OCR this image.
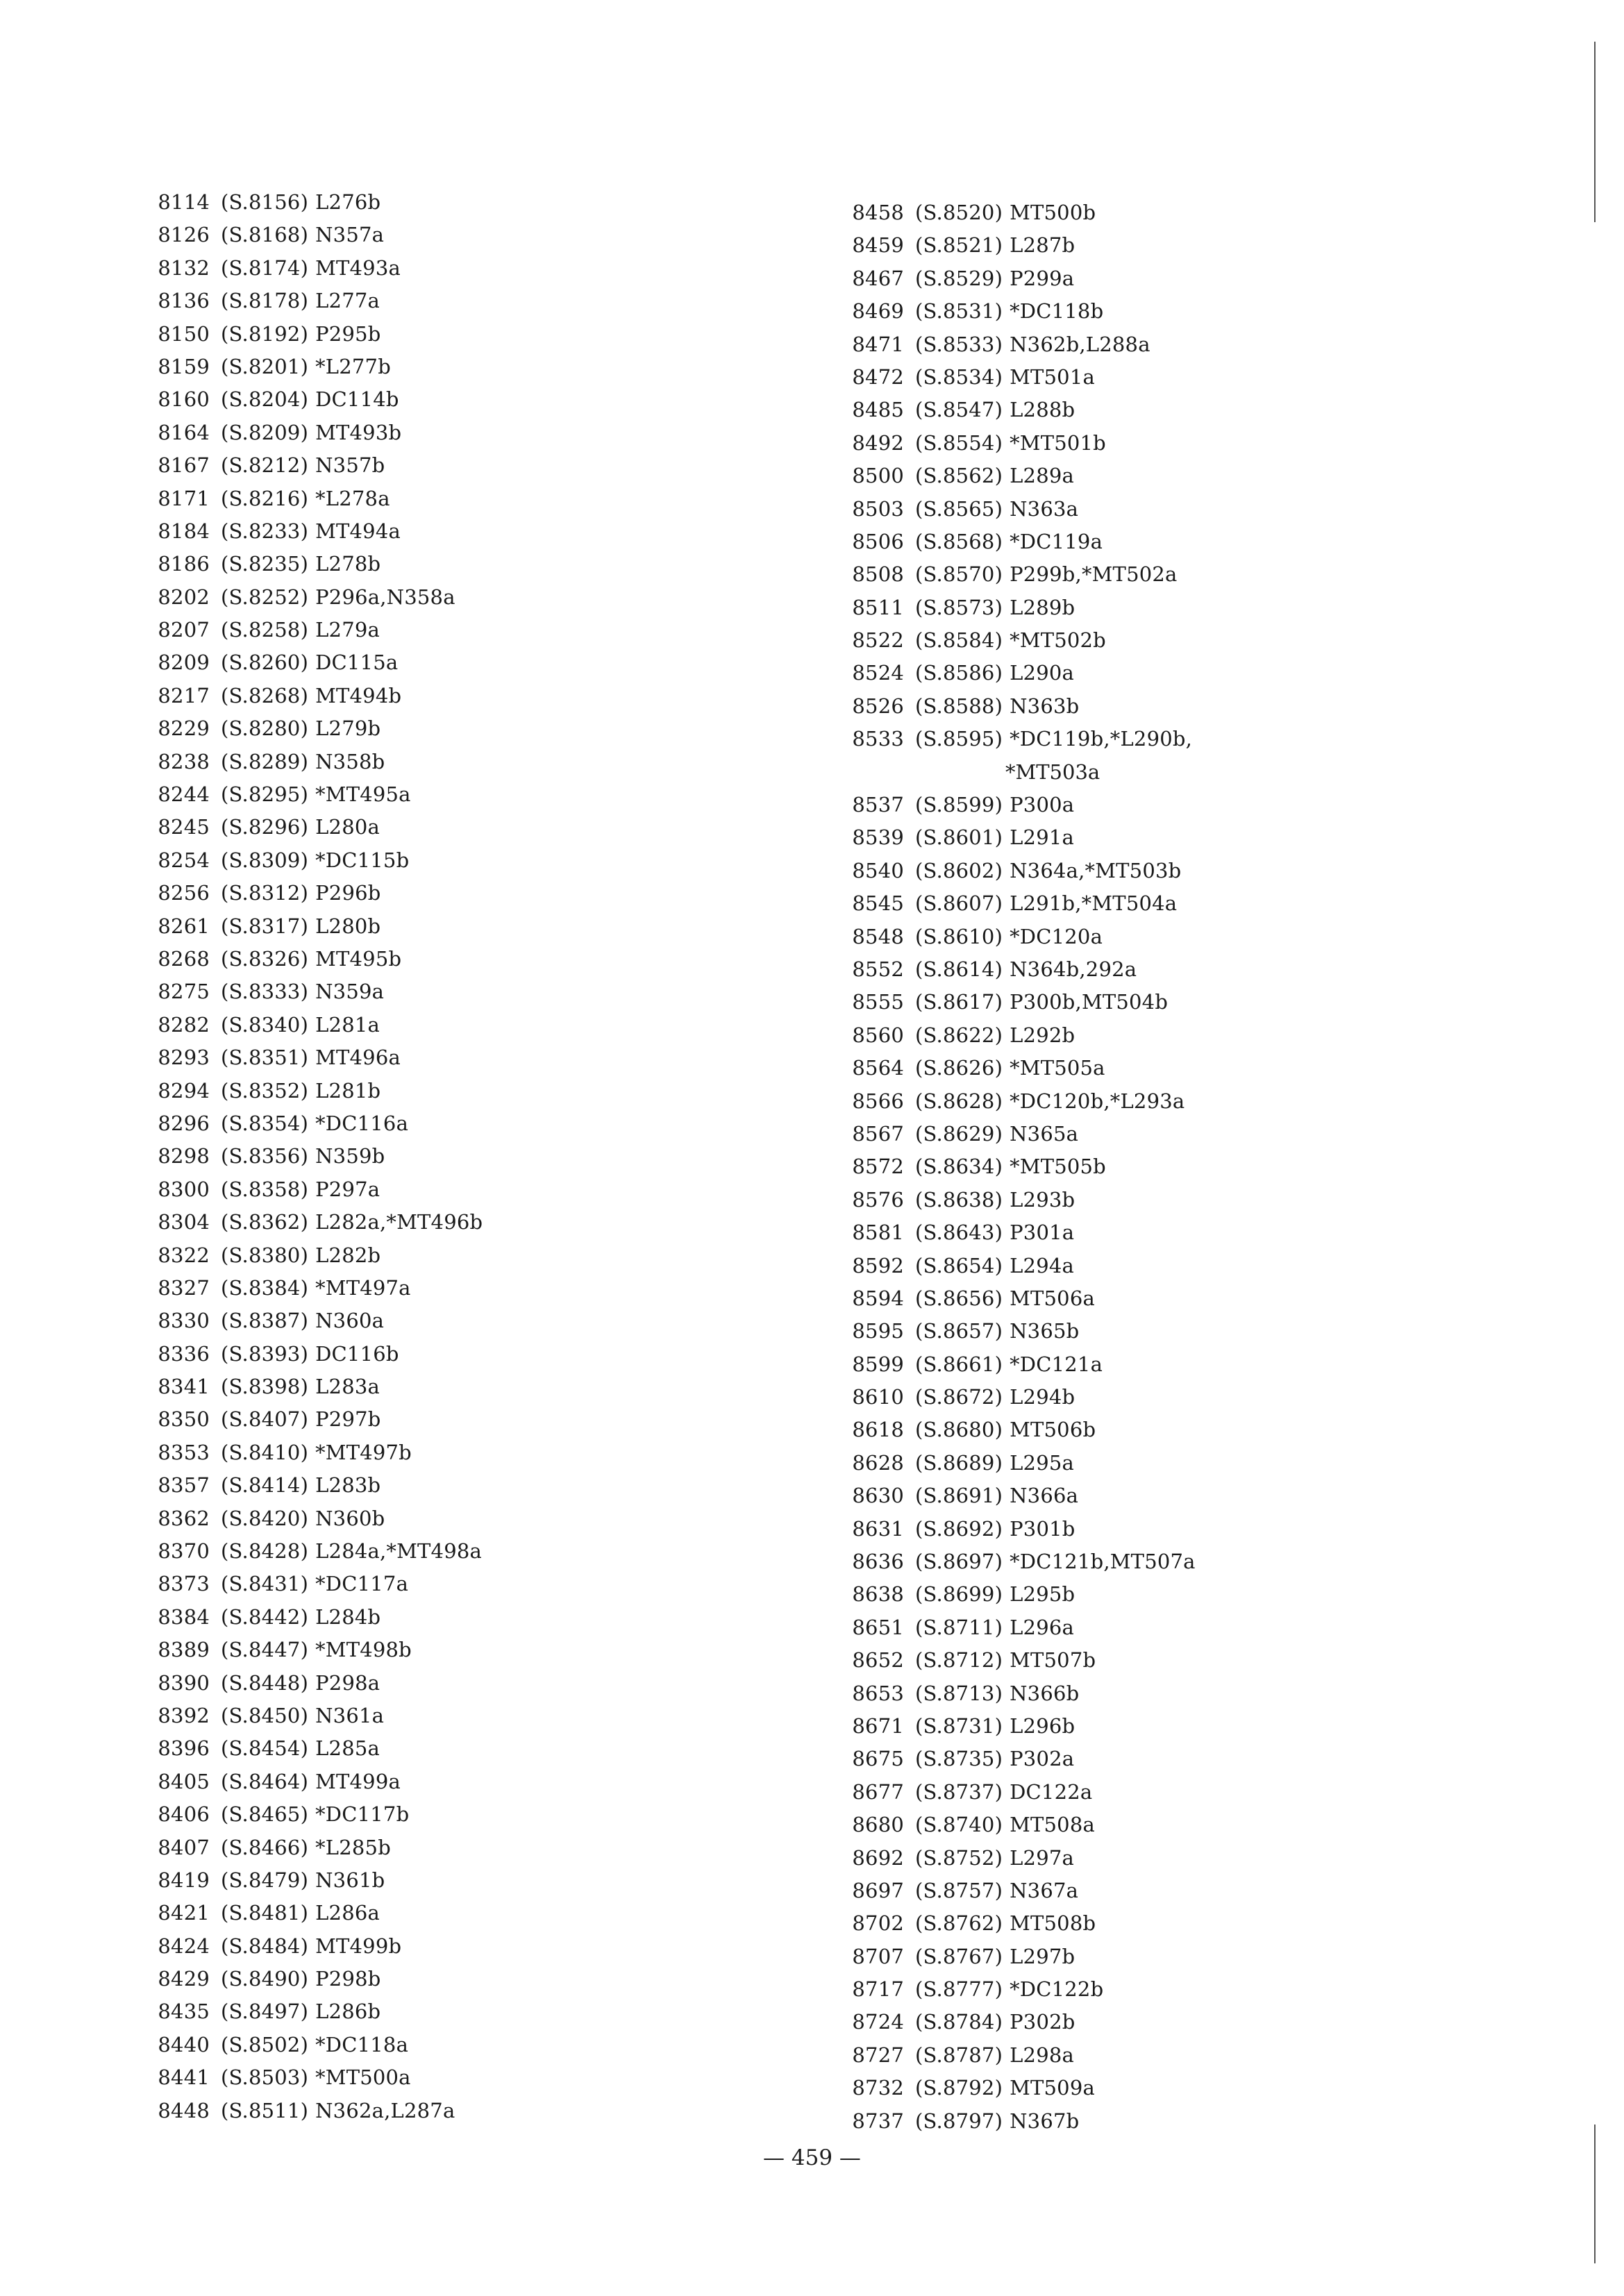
8114 (S.8156) L276b
8126 (S.8168) N357a
8132 (S.8174) MT493a
8136 (S.8178) L277a
8150 (S.8192) P295b
8159 (S.8201) *L277b
8160 (S.8204) DC114b
8164 (S.8209) MT493b
8167 (S.8212) N357b
8171 (S.8216) *L278a
8184 (S.8233) MT494a
8186 (S.8235) L278b
8202 (S.8252) P296a,N358a
8207 (S.8258) L279a
8209 (S.8260) DC115a
8217 (S.8268) MT494b
8229 (S.8280) L279b
8238 (S.8289) N358b
8244 (S.8295) *MT495a
8245 (S.8296) L280a
8254 (S.8309) *DC115b
8256 (S.8312) P296b
8261 (S.8317) L280b
8268 (S.8326) MT495b
8275 (S.8333) N359a
8282 (S.8340) L281a
8293 (S.8351) MT496a
8294 (S.8352) L281b
8296 (S.8354) *DC116a
8298 (S.8356) N359b
8300 (S.8358) P297a
8304 (S.8362) L282a,*MT496b
8322 (S.8380) L282b
8327 (S.8384) *MT497a
8330 (S.8387) N360a
8336 (S.8393) DC116b
8341 (S.8398) L283a
8350 (S.8407) P297b
8353 (S.8410) *MT497b
8357 (S.8414) L283b
8362 (S.8420) N360b
8370 (S.8428) L284a,*MT498a
8373 (S.8431) *DC117a
8384 (S.8442) L284b
8389 (S.8447) *MT498b
8390 (S.8448) P298a
8392 (S.8450) N361a
8396 (S.8454) L285a
8405 (S.8464) MT499a
8406 (S.8465) *DC117b
8407 (S.8466) *L285b
8419 (S.8479) N361b
8421 (S.8481) L286a
8424 (S.8484) MT499b
8429 (S.8490) P298b
8435 (S.8497) L286b
8440 (S.8502) *DC118a
8441 (S.8503) *MT500a
8448 (S.8511) N362a,L287a
8458 (S.8520) MT500b
8459 (S.8521) L287b
8467 (S.8529) P299a
8469 (S.8531) *DC118b
8471 (S.8533) N362b,L288a
8472 (S.8534) MT501a
8485 (S.8547) L288b
8492 (S.8554) *MT501b
8500 (S.8562) L289a
8503 (S.8565) N363a
8506 (S.8568) *DC119a
8508 (S.8570) P299b,*MT502a
8511 (S.8573) L289b
8522 (S.8584) *MT502b
8524 (S.8586) L290a
8526 (S.8588) N363b
8533 (S.8595) *DC119b,*L290b,
*MT503a
8537 (S.8599) P300a
8539 (S.8601) L291a
8540 (S.8602) N364a,*MT503b
8545 (S.8607) L291b,*MT504a
8548 (S.8610) *DC120a
8552 (S.8614) N364b,292a
8555 (S.8617) P300b,MT504b
8560 (S.8622) L292b
8564 (S.8626) *MT505a
8566 (S.8628) *DC120b,*L293a
8567 (S.8629) N365a
8572 (S.8634) *MT505b
8576 (S.8638) L293b
8581 (S.8643) P301a
8592 (S.8654) L294a
8594 (S.8656) MT506a
8595 (S.8657) N365b
8599 (S.8661) *DC121a
8610 (S.8672) L294b
8618 (S.8680) MT506b
8628 (S.8689) L295a
8630 (S.8691) N366a
8631 (S.8692) P301b
8636 (S.8697) *DC121b,MT507a
8638 (S.8699) L295b
8651 (S.8711) L296a
8652 (S.8712) MT507b
8653 (S.8713) N366b
8671 (S.8731) L296b
8675 (S.8735) P302a
8677 (S.8737) DC122a
8680 (S.8740) MT508a
8692 (S.8752) L297a
8697 (S.8757) N367a
8702 (S.8762) MT508b
8707 (S.8767) L297b
8717 (S.8777) *DC122b
8724 (S.8784) P302b
8727 (S.8787) L298a
8732 (S.8792) MT509a
8737 (S.8797) N367b
— 459 —
